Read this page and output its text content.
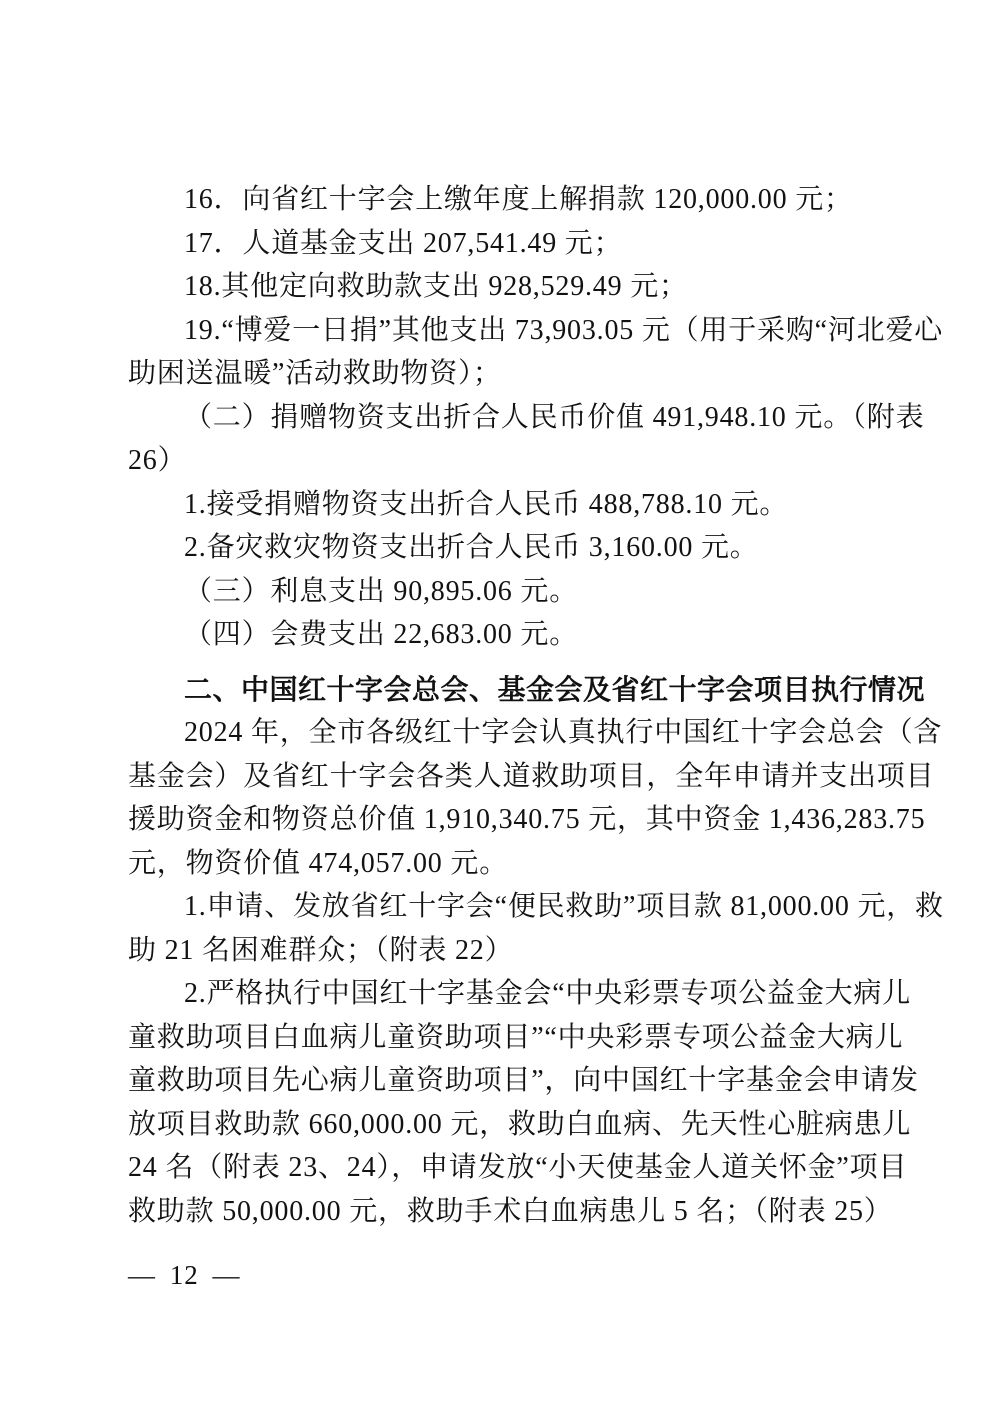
16．向省红十字会上缴年度上解捐款 120,000.00 元；
17．人道基金支出 207,541.49 元；
18.其他定向救助款支出 928,529.49 元；
19.“博爱一日捐”其他支出 73,903.05 元（用于采购“河北爱心
助困送温暖”活动救助物资）；
（二）捐赠物资支出折合人民币价值 491,948.10 元。（附表
26）
1.接受捐赠物资支出折合人民币 488,788.10 元。
2.备灾救灾物资支出折合人民币 3,160.00 元。
（三）利息支出 90,895.06 元。
（四）会费支出 22,683.00 元。
二、中国红十字会总会、基金会及省红十字会项目执行情况
2024 年，全市各级红十字会认真执行中国红十字会总会（含
基金会）及省红十字会各类人道救助项目，全年申请并支出项目
援助资金和物资总价值 1,910,340.75 元，其中资金 1,436,283.75
元，物资价值 474,057.00 元。
1.申请、发放省红十字会“便民救助”项目款 81,000.00 元，救
助 21 名困难群众；（附表 22）
2.严格执行中国红十字基金会“中央彩票专项公益金大病儿
童救助项目白血病儿童资助项目”“中央彩票专项公益金大病儿
童救助项目先心病儿童资助项目”，向中国红十字基金会申请发
放项目救助款 660,000.00 元，救助白血病、先天性心脏病患儿
24 名（附表 23、24），申请发放“小天使基金人道关怀金”项目
救助款 50,000.00 元，救助手术白血病患儿 5 名；（附表 25）
— 12 —
